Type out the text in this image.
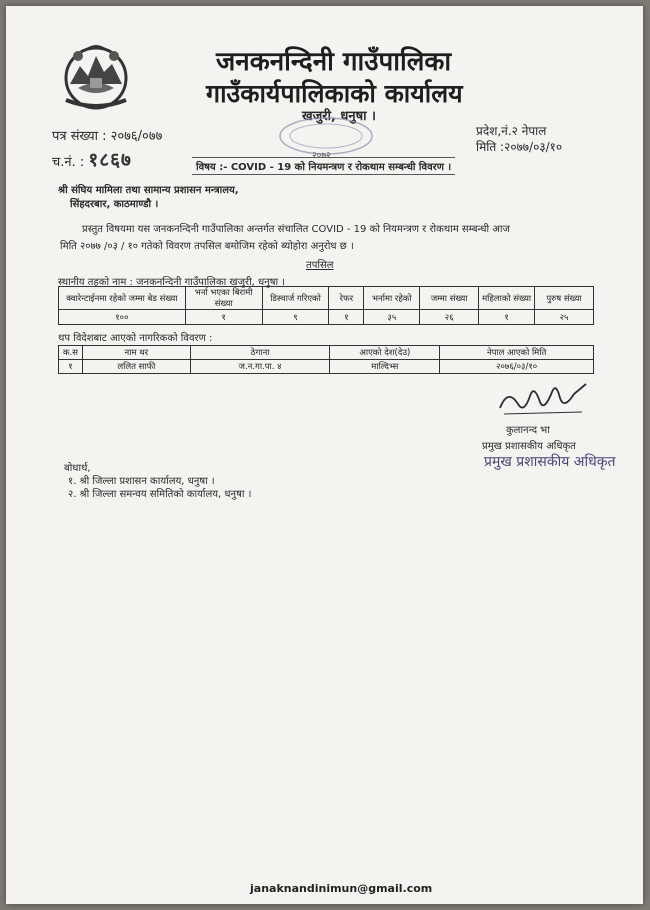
जनकनन्दिनी गाउँपालिका
गाउँकार्यपालिकाको कार्यालय
खजुरी, धनुषा ।
२०७२
पत्र संख्या : २०७६/०७७
च.नं. : १८६७
प्रदेश,नं.२ नेपाल
मिति :२०७७/०३/१०
विषय :- COVID - 19 को नियमन्त्रण र रोकथाम सम्बन्धी विवरण ।
श्री संघिय मामिला तथा सामान्य प्रशासन मन्त्रालय,
सिंहदरबार, काठमाण्डौ ।
प्रस्तुत विषयमा यस जनकनन्दिनी गाउँपालिका अन्तर्गत संचालित COVID - 19 को नियमन्त्रण र रोकथाम सम्बन्धी आज
मिति २०७७ /०३ / १० गतेको विवरण तपसिल बमोजिम रहेको ब्योहोरा अनुरोध छ ।
तपसिल
स्थानीय तहको नाम : जनकनन्दिनी गाउँपालिका खजुरी, धनुषा ।
क्वारेन्टाईनमा रहेको जम्मा बेड संख्या	भर्ना भएका बिरामी संख्या	डिस्चार्ज गरिएको	रेफर	भर्नामा रहेको	जम्मा संख्या	महिलाको संख्या	पुरुष संख्या
१००	१	९	१	३५	२६	१	२५
थप विदेशबाट आएको नागरिकको विवरण :
क.स	नाम थर	ठेगाना	आएको देश(देउ)	नेपाल आएको मिति
१	ललित साफी	ज.न.गा.पा. ४	माल्दिभ्स	२०७६/०३/१०
कुलानन्द भा
प्रमुख प्रशासकीय अधिकृत
प्रमुख प्रशासकीय अधिकृत
बोधार्थ,
१. श्री जिल्ला प्रशासन कार्यालय, धनुषा ।
२. श्री जिल्ला समन्वय समितिको कार्यालय, धनुषा ।
janaknandinimun@gmail.com
